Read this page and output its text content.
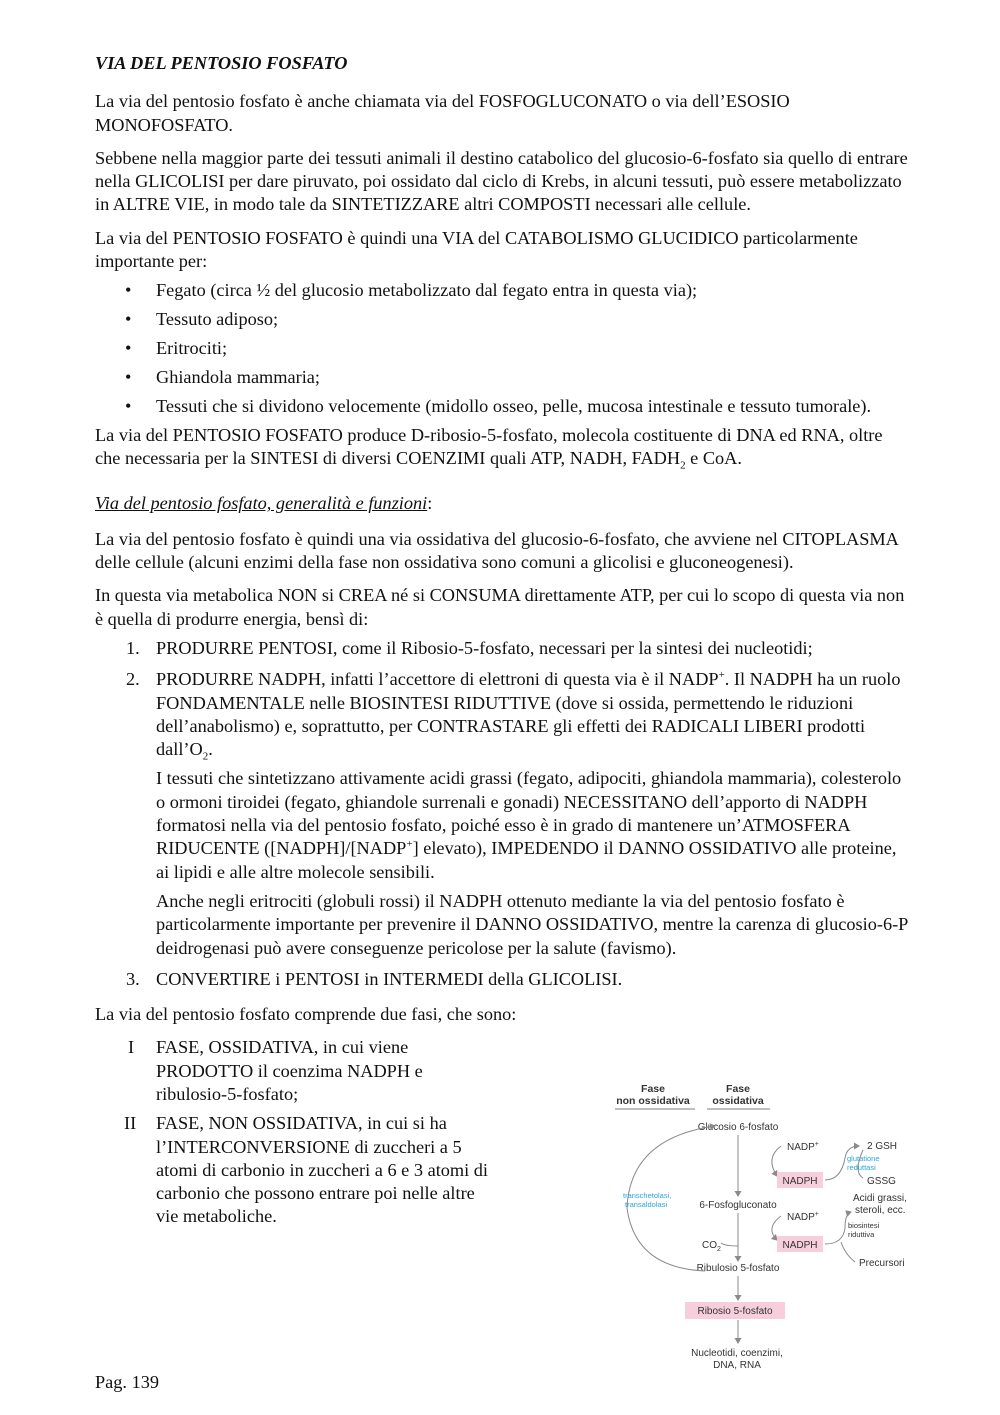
VIA DEL PENTOSIO FOSFATO

La via del pentosio fosfato è anche chiamata via del FOSFOGLUCONATO o via dell’ESOSIO MONOFOSFATO.

Sebbene nella maggior parte dei tessuti animali il destino catabolico del glucosio-6-fosfato sia quello di entrare nella GLICOLISI per dare piruvato, poi ossidato dal ciclo di Krebs, in alcuni tessuti, può essere metabolizzato in ALTRE VIE, in modo tale da SINTETIZZARE altri COMPOSTI necessari alle cellule.

La via del PENTOSIO FOSFATO è quindi una VIA del CATABOLISMO GLUCIDICO particolarmente importante per:

• Fegato (circa ½ del glucosio metabolizzato dal fegato entra in questa via);
• Tessuto adiposo;
• Eritrociti;
• Ghiandola mammaria;
• Tessuti che si dividono velocemente (midollo osseo, pelle, mucosa intestinale e tessuto tumorale).

La via del PENTOSIO FOSFATO produce D-ribosio-5-fosfato, molecola costituente di DNA ed RNA, oltre che necessaria per la SINTESI di diversi COENZIMI quali ATP, NADH, $FADH_2$ e CoA.

Via del pentosio fosfato, generalità e funzioni:

La via del pentosio fosfato è quindi una via ossidativa del glucosio-6-fosfato, che avviene nel CITOPLASMA delle cellule (alcuni enzimi della fase non ossidativa sono comuni a glicolisi e gluconeogenesi).

In questa via metabolica NON si CREA né si CONSUMA direttamente ATP, per cui lo scopo di questa via non è quella di produrre energia, bensì di:

1. PRODURRE PENTOSI, come il Ribosio-5-fosfato, necessari per la sintesi dei nucleotidi;
2. PRODURRE NADPH, infatti l’accettore di elettroni di questa via è il NADP+. Il NADPH ha un ruolo FONDAMENTALE nelle BIOSINTESI RIDUTTIVE (dove si ossida, permettendo le riduzioni dell’anabolismo) e, soprattutto, per CONTRASTARE gli effetti dei RADICALI LIBERI prodotti $dall’O_2$.

I tessuti che sintetizzano attivamente acidi grassi (fegato, adipociti, ghiandola mammaria), colesterolo o ormoni tiroidei (fegato, ghiandole surrenali e gonadi) NECESSITANO dell’apporto di NADPH formatosi nella via del pentosio fosfato, poiché esso è in grado di mantenere un’ATMOSFERA RIDUCENTE ([NADPH]/[NADP+] elevato), IMPEDENDO il DANNO OSSIDATIVO alle proteine, ai lipidi e alle altre molecole sensibili.

Anche negli eritrociti (globuli rossi) il NADPH ottenuto mediante la via del pentosio fosfato è particolarmente importante per prevenire il DANNO OSSIDATIVO, mentre la carenza di glucosio-6-P deidrogenasi può avere conseguenze pericolose per la salute (favismo).

3. CONVERTIRE i PENTOSI in INTERMEDI della GLICOLISI.
La via del pentosio fosfato comprende due fasi, che sono:
I FASE, OSSIDATIVA, in cui viene PRODOTTO il coenzima NADPH e ribulosio-5-fosfato;
II FASE, NON OSSIDATIVA, in cui si ha l’INTERCONVERSIONE di zuccheri a 5 atomi di carbonio in zuccheri a 6 e 3 atomi di carbonio che possono entrare poi nelle altre vie metaboliche.
Fase
non ossidativa
Fase
ossidativa
Glucosio 6-fosfato
6-Fosfogluconato
Ribulosio 5-fosfato
Ribosio 5-fosfato
Nucleotidi, coenzimi,
DNA, RNA
$CO_2$
NADP+
NADPH
2 GSH
glutatione
reduttasi
GSSG
Acidi grassi,
steroli, ecc.
NADP+
NADPH
biosintesi
riduttiva
Precursori
transchetolasi,
transaldolasi
Pag. 139
